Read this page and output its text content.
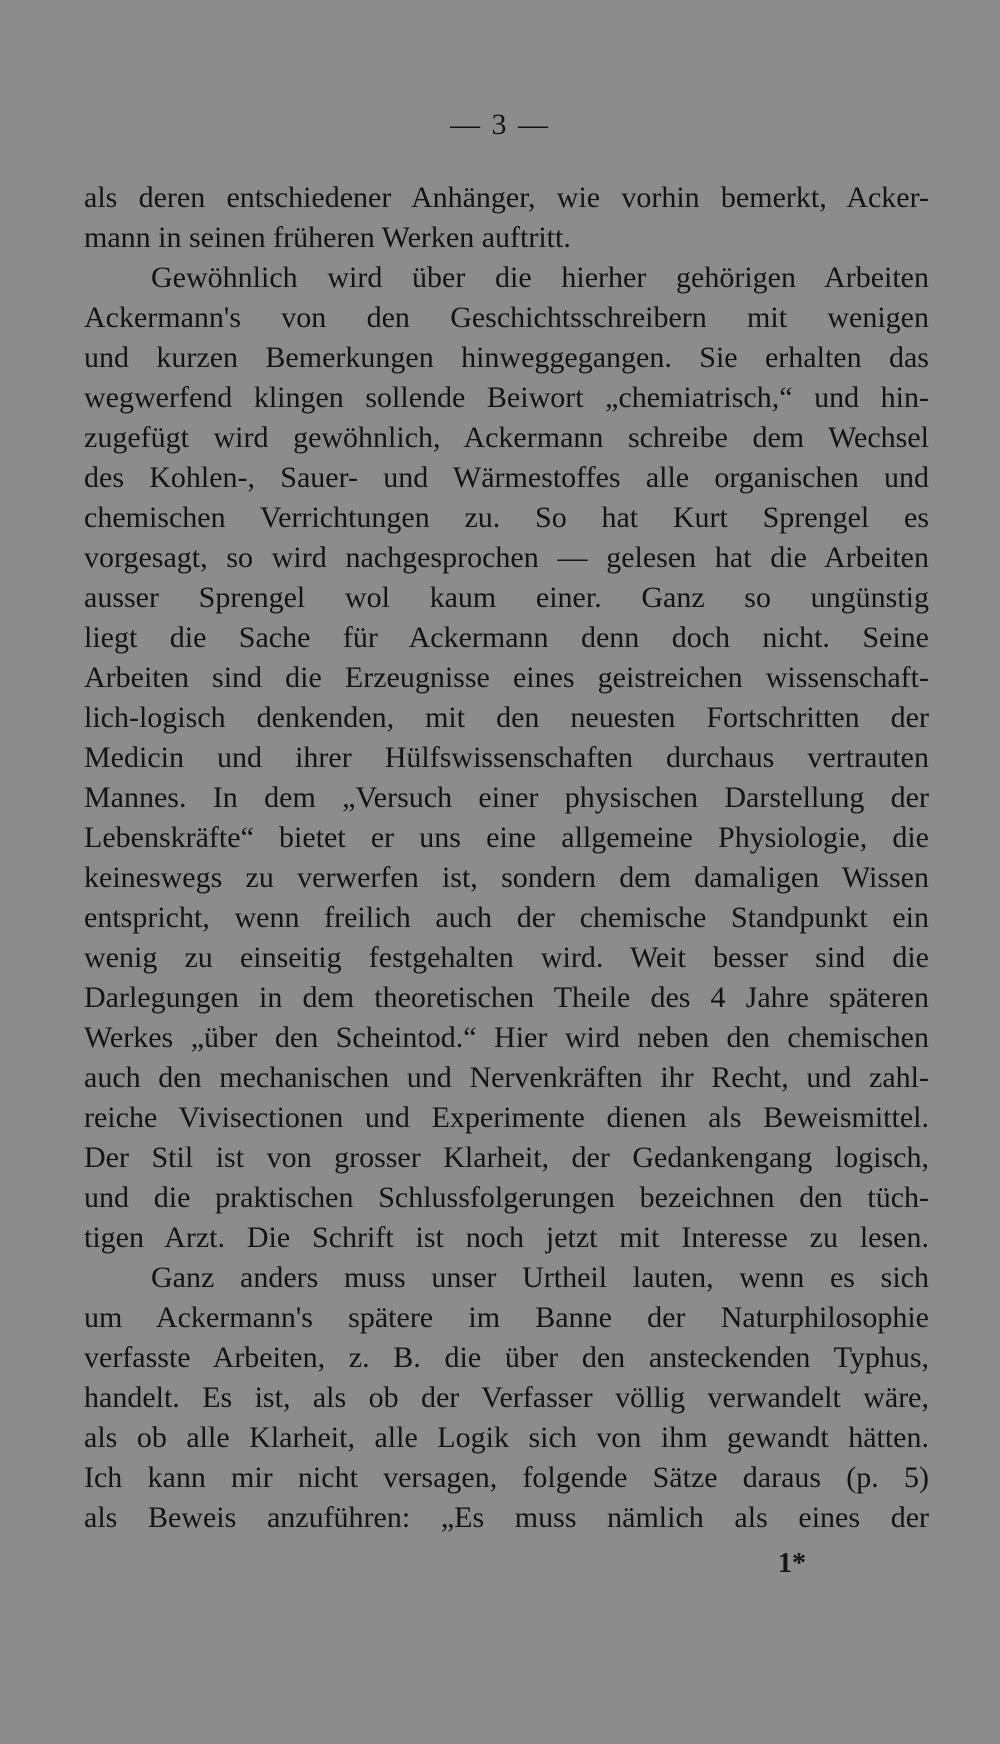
— 3 —
als deren entschiedener Anhänger, wie vorhin bemerkt, Acker-
mann in seinen früheren Werken auftritt.
Gewöhnlich wird über die hierher gehörigen Arbeiten
Ackermann's von den Geschichtsschreibern mit wenigen
und kurzen Bemerkungen hinweggegangen. Sie erhalten das
wegwerfend klingen sollende Beiwort „chemiatrisch,“ und hin-
zugefügt wird gewöhnlich, Ackermann schreibe dem Wechsel
des Kohlen-, Sauer- und Wärmestoffes alle organischen und
chemischen Verrichtungen zu. So hat Kurt Sprengel es
vorgesagt, so wird nachgesprochen — gelesen hat die Arbeiten
ausser Sprengel wol kaum einer. Ganz so ungünstig
liegt die Sache für Ackermann denn doch nicht. Seine
Arbeiten sind die Erzeugnisse eines geistreichen wissenschaft-
lich-logisch denkenden, mit den neuesten Fortschritten der
Medicin und ihrer Hülfswissenschaften durchaus vertrauten
Mannes. In dem „Versuch einer physischen Darstellung der
Lebenskräfte“ bietet er uns eine allgemeine Physiologie, die
keineswegs zu verwerfen ist, sondern dem damaligen Wissen
entspricht, wenn freilich auch der chemische Standpunkt ein
wenig zu einseitig festgehalten wird. Weit besser sind die
Darlegungen in dem theoretischen Theile des 4 Jahre späteren
Werkes „über den Scheintod.“ Hier wird neben den chemischen
auch den mechanischen und Nervenkräften ihr Recht, und zahl-
reiche Vivisectionen und Experimente dienen als Beweismittel.
Der Stil ist von grosser Klarheit, der Gedankengang logisch,
und die praktischen Schlussfolgerungen bezeichnen den tüch-
tigen Arzt. Die Schrift ist noch jetzt mit Interesse zu lesen.
Ganz anders muss unser Urtheil lauten, wenn es sich
um Ackermann's spätere im Banne der Naturphilosophie
verfasste Arbeiten, z. B. die über den ansteckenden Typhus,
handelt. Es ist, als ob der Verfasser völlig verwandelt wäre,
als ob alle Klarheit, alle Logik sich von ihm gewandt hätten.
Ich kann mir nicht versagen, folgende Sätze daraus (p. 5)
als Beweis anzuführen: „Es muss nämlich als eines der
1*
